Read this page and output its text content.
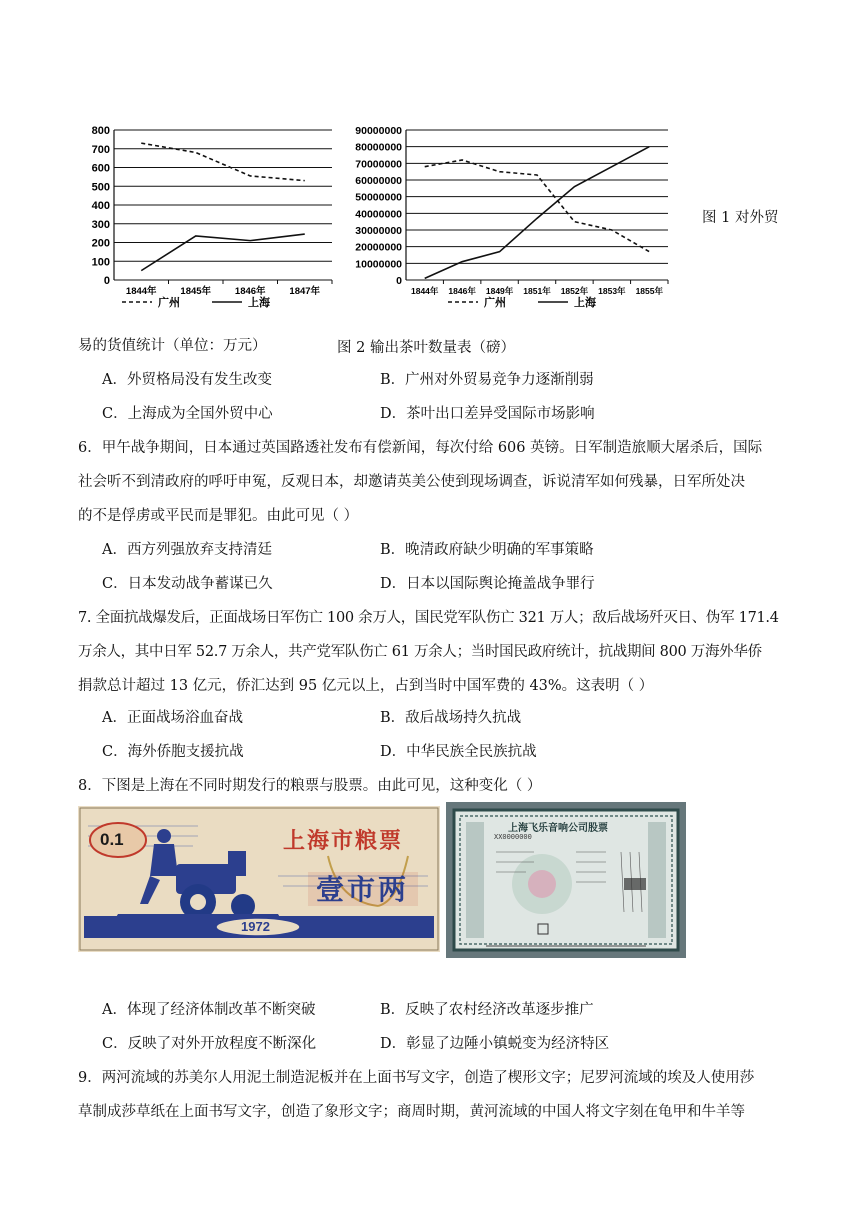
0
100
200
300
400
500
600
700
800
1844年	1845年	1846年	1847年
广州	上海
0
10000000
20000000
30000000
40000000
50000000
60000000
70000000
80000000
90000000
1844年 1846年 1849年 1851年 1852年 1853年 1855年
广州	上海
图 1 对外贸
易的货值统计（单位：万元）	图 2 输出茶叶数量表（磅）
A．外贸格局没有发生改变	B．广州对外贸易竞争力逐渐削弱
C．上海成为全国外贸中心	D．茶叶出口差异受国际市场影响
6．甲午战争期间，日本通过英国路透社发布有偿新闻，每次付给 606 英镑。日军制造旅顺大屠杀后，国际
社会听不到清政府的呼吁申冤，反观日本，却邀请英美公使到现场调查，诉说清军如何残暴，日军所处决
的不是俘虏或平民而是罪犯。由此可见（ ）
A．西方列强放弃支持清廷	B．晚清政府缺少明确的军事策略
C．日本发动战争蓄谋已久	D．日本以国际舆论掩盖战争罪行
7. 全面抗战爆发后，正面战场日军伤亡 100 余万人，国民党军队伤亡 321 万人；敌后战场歼灭日、伪军 171.4
万余人，其中日军 52.7 万余人，共产党军队伤亡 61 万余人；当时国民政府统计，抗战期间 800 万海外华侨
捐款总计超过 13 亿元，侨汇达到 95 亿元以上，占到当时中国军费的 43%。这表明（ ）
A．正面战场浴血奋战	B．敌后战场持久抗战
C．海外侨胞支援抗战	D．中华民族全民族抗战
8．下图是上海在不同时期发行的粮票与股票。由此可见，这种变化（ ）
0.1	上海市粮票
壹市两
1972
上海飞乐音响公司股票
XX0000000
A．体现了经济体制改革不断突破	B．反映了农村经济改革逐步推广
C．反映了对外开放程度不断深化	D．彰显了边陲小镇蜕变为经济特区
9．两河流域的苏美尔人用泥土制造泥板并在上面书写文字，创造了楔形文字；尼罗河流域的埃及人使用莎
草制成莎草纸在上面书写文字，创造了象形文字；商周时期，黄河流域的中国人将文字刻在龟甲和牛羊等
